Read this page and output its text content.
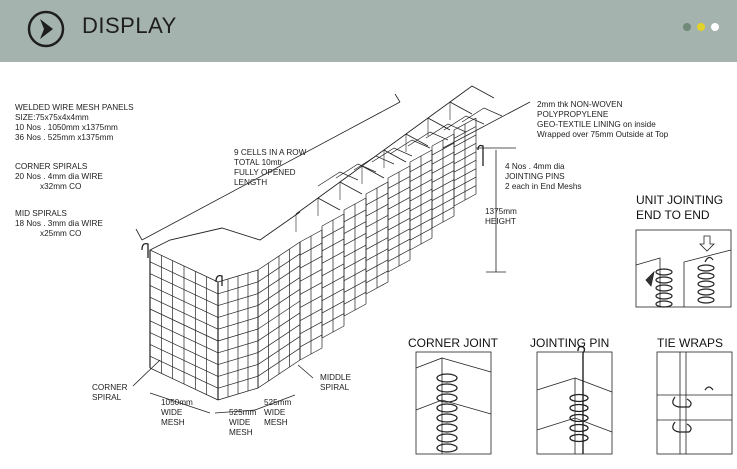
DISPLAY
WELDED WIRE MESH PANELS
SIZE:75x75x4x4mm
10 Nos . 1050mm x1375mm
36 Nos . 525mm x1375mm
CORNER SPIRALS
20 Nos . 4mm dia WIRE
x32mm CO
MID SPIRALS
18 Nos . 3mm dia WIRE
x25mm CO
2mm thk NON-WOVEN
POLYPROPYLENE
GEO-TEXTILE LINING on inside
Wrapped over 75mm Outside at Top
9 CELLS IN A ROW
TOTAL 10mtr
FULLY OPENED
LENGTH
4 Nos . 4mm dia
JOINTING PINS
2 each in End Meshs
1375mm
HEIGHT
CORNER
SPIRAL
MIDDLE
SPIRAL
1050mm
WIDE
MESH
525mm
WIDE
MESH
525mm
WIDE
MESH
UNIT JOINTING
END TO END
CORNER JOINT	JOINTING PIN	TIE WRAPS
